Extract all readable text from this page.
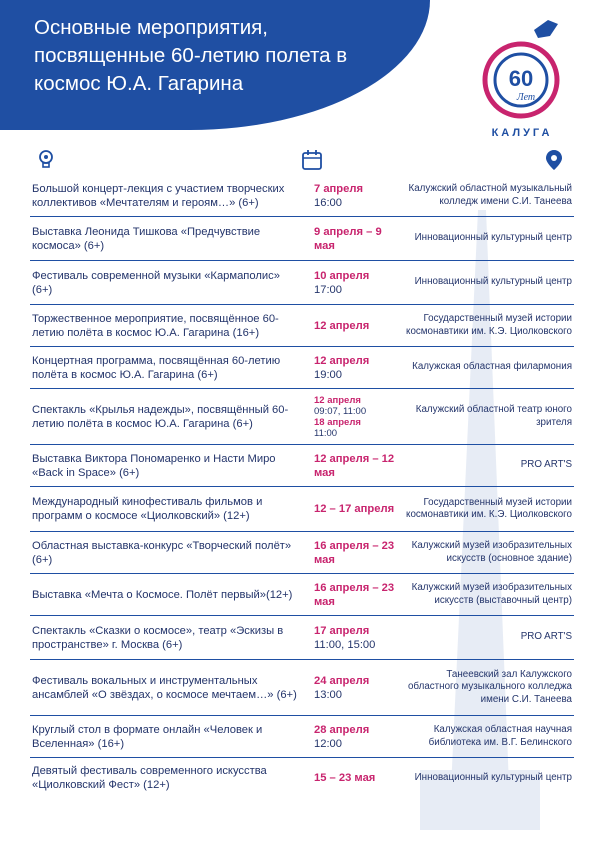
Основные мероприятия, посвященные 60-летию полета в космос Ю.А. Гагарина	60
Лет
КАЛУГА
Большой концерт-лекция с участием творческих коллективов «Мечтателям и героям…» (6+)
7 апреля
16:00
Калужский областной музыкальный колледж имени С.И. Танеева
Выставка Леонида Тишкова «Предчувствие космоса» (6+)
9 апреля – 9 мая
Инновационный культурный центр
Фестиваль современной музыки «Кармаполис» (6+)
10 апреля
17:00
Инновационный культурный центр
Торжественное мероприятие, посвящённое 60-летию полёта в космос Ю.А. Гагарина (16+)
12 апреля
Государственный музей истории космонавтики им. К.Э. Циолковского
Концертная программа, посвящённая 60-летию полёта в космос Ю.А. Гагарина (6+)
12 апреля
19:00
Калужская областная филармония
Спектакль «Крылья надежды», посвящённый 60-летию полёта в космос Ю.А. Гагарина (6+)
12 апреля
09:07, 11:00
18 апреля
11:00
Калужский областной театр юного зрителя
Выставка Виктора Пономаренко и Насти Миро «Back in Space» (6+)
12 апреля – 12 мая
PRO ART'S
Международный кинофестиваль фильмов и программ о космосе «Циолковский» (12+)
12 – 17 апреля
Государственный музей истории космонавтики им. К.Э. Циолковского
Областная выставка-конкурс «Творческий полёт» (6+)
16 апреля – 23 мая
Калужский музей изобразительных искусств (основное здание)
Выставка «Мечта о Космосе. Полёт первый»(12+)
16 апреля – 23 мая
Калужский музей изобразительных искусств (выставочный центр)
Спектакль «Сказки о космосе», театр «Эскизы в пространстве» г. Москва (6+)
17 апреля
11:00, 15:00
PRO ART'S
Фестиваль вокальных и инструментальных ансамблей «О звёздах, о космосе мечтаем…» (6+)
24 апреля
13:00
Танеевский зал Калужского областного музыкального колледжа имени С.И. Танеева
Круглый стол в формате онлайн «Человек и Вселенная» (16+)
28 апреля
12:00
Калужская областная научная библиотека им. В.Г. Белинского
Девятый фестиваль современного искусства «Циолковский Фест» (12+)
15 – 23 мая	Инновационный культурный центр
